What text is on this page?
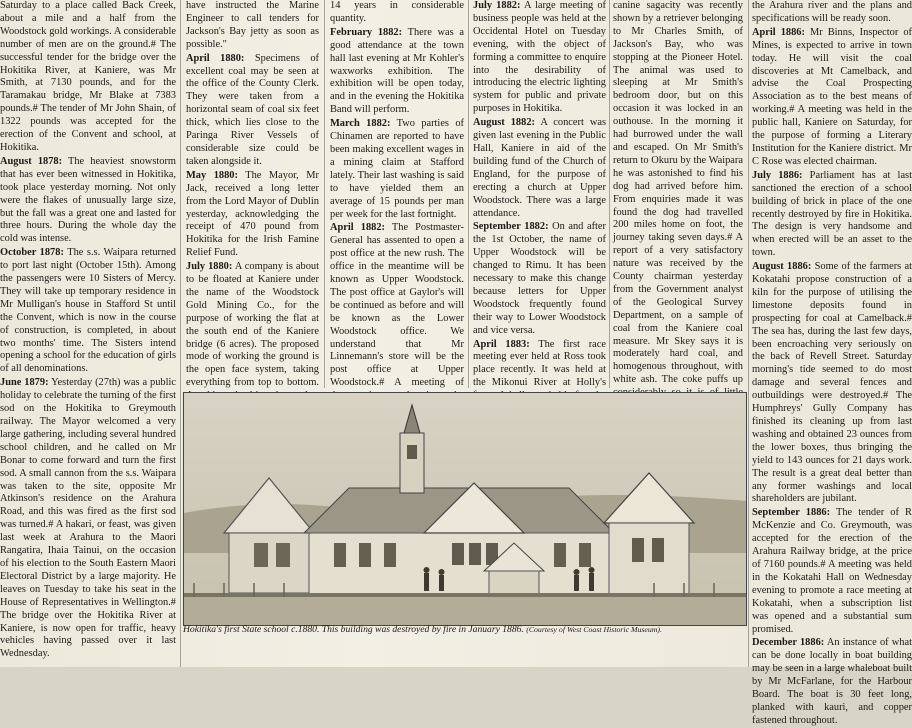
Saturday to a place called Back Creek, about a mile and a half from the Woodstock gold workings. A considerable number of men are on the ground.# The successful tender for the bridge over the Hokitika River, at Kaniere, was Mr Smith, at 7130 pounds, and for the Taramakau bridge, Mr Blake at 7383 pounds.# The tender of Mr John Shain, of 1322 pounds was accepted for the erection of the Convent and school, at Hokitika.

August 1878: The heaviest snowstorm that has ever been witnessed in Hokitika, took place yesterday morning. Not only were the flakes of unusually large size, but the fall was a great one and lasted for three hours. During the whole day the cold was intense.

October 1878: The s.s. Waipara returned to port last night (October 15th). Among the passengers were 10 Sisters of Mercy. They will take up temporary residence in Mr Mulligan's house in Stafford St until the Convent, which is now in the course of construction, is completed, in about two months' time. The Sisters intend opening a school for the education of girls of all denominations.

June 1879: Yesterday (27th) was a public holiday to celebrate the turning of the first sod on the Hokitika to Greymouth railway. The Mayor welcomed a very large gathering, including several hundred school children, and he called on Mr Bonar to come forward and turn the first sod. A small cannon from the s.s. Waipara was taken to the site, opposite Mr Atkinson's residence on the Arahura Road, and this was fired as the first sod was turned.# A hakari, or feast, was given last week at Arahura to the Maori Rangatira, Ihaia Tainui, on the occasion of his election to the South Eastern Maori Electoral District by a large majority. He leaves on Tuesday to take his seat in the House of Representatives in Wellington.# The bridge over the Hokitika River at Kaniere, is now open for traffic, heavy vehicles having passed over it last Wednesday.

have instructed the Marine Engineer to call tenders for Jackson's Bay jetty as soon as possible."

April 1880: Specimens of excellent coal may be seen at the office of the County Clerk. They were taken from a horizontal seam of coal six feet thick, which lies close to the Paringa River Vessels of considerable size could be taken alongside it.

May 1880: The Mayor, Mr Jack, received a long letter from the Lord Mayor of Dublin yesterday, acknowledging the receipt of 470 pound from Hokitika for the Irish Famine Relief Fund.

July 1880: A company is about to be floated at Kaniere under the name of the Woodstock Gold Mining Co., for the purpose of working the flat at the south end of the Kaniere bridge (6 acres). The proposed mode of working the ground is the open face system, taking everything from top to bottom.

14 years in considerable quantity.

February 1882: There was a good attendance at the town hall last evening at Mr Kohler's waxworks exhibition. The exhibition will be open today, and in the evening the Hokitika Band will perform.

March 1882: Two parties of Chinamen are reported to have been making excellent wages in a mining claim at Stafford lately. Their last washing is said to have yielded them an average of 15 pounds per man per week for the last fortnight.

April 1882: The Postmaster-General has assented to open a post office at the new rush. The office in the meantime will be known as Upper Woodstock. The post office at Gaylor's will be continued as before and will be known as the Lower Woodstock office. We understand that Mr Linnemann's store will be the post office at Upper Woodstock.# A meeting of

July 1882: A large meeting of business people was held at the Occidental Hotel on Tuesday evening, with the object of forming a committee to enquire into the desirability of introducing the electric lighting system for public and private purposes in Hokitika.

August 1882: A concert was given last evening in the Public Hall, Kaniere in aid of the building fund of the Church of England, for the purpose of erecting a church at Upper Woodstock. There was a large attendance.

September 1882: On and after the 1st October, the name of Upper Woodstock will be changed to Rimu. It has been necessary to make this change because letters for Upper Woodstock frequently found their way to Lower Woodstock and vice versa.

April 1883: The first race meeting ever held at Ross took place recently. It was held at the Mikonui River at Holly's

canine sagacity was recently shown by a retriever belonging to Mr Charles Smith, of Jackson's Bay, who was stopping at the Pioneer Hotel. The animal was used to sleeping at Mr Smith's bedroom door, but on this occasion it was locked in an outhouse. In the morning it had burrowed under the wall and escaped. On Mr Smith's return to Okuru by the Waipara he was astonished to find his dog had arrived before him. From enquiries made it was found the dog had travelled 200 miles home on foot, the journey taking seven days.# A report of a very satisfactory nature was received by the County chairman yesterday from the Government analyst of the Geological Survey Department, on a sample of coal from the Kaniere coal measure. Mr Skey says it is moderately hard coal, and homogenous throughout, with white ash. The coke puffs up

the Arahura river and the plans and specifications will be ready soon.

April 1886: Mr Binns, Inspector of Mines, is expected to arrive in town today. He will visit the coal discoveries at Mt Camelback, and advise the Coal Prospecting Association as to the best means of working.# A meeting was held in the public hall, Kaniere on Saturday, for the purpose of forming a Literary Institution for the Kaniere district. Mr C Rose was elected chairman.

July 1886: Parliament has at last sanctioned the erection of a school building of brick in place of the one recently destroyed by fire in Hokitika. The design is very handsome and when erected will be an asset to the town.

August 1886: Some of the farmers at Kokatahi propose construction of a kiln for the purpose of utilising the limestone deposits found in prospecting for coal at Camelback.# The sea has, during the last few days, been encroaching very seriously on the back of Revell Street. Saturday morning's tide seemed to do most damage and several fences and outbuildings were destroyed.# The Humphreys' Gully Company has finished its cleaning up from last washing and obtained 23 ounces from the lower boxes, thus bringing the yield to 143 ounces for 21 days work. The result is a great deal better than any former washings and local shareholders are jubilant.

September 1886: The tender of R McKenzie and Co. Greymouth, was accepted for the erection of the Arahura Railway bridge, at the price of 7160 pounds.# A meeting was held in the Kokatahi Hall on Wednesday evening to promote a race meeting at Kokatahi, when a subscription list was opened and a substantial sum promised.

December 1886: An instance of what can be done locally in boat building may be seen in a large whaleboat built by Mr McFarlane, for the Harbour Board. The boat is 30 feet long, planked with kauri, and copper fastened throughout.

Hokitika's first State school c.1880. This building was destroyed by fire in January 1886. (Courtesy of West Coast Historic Museum).
